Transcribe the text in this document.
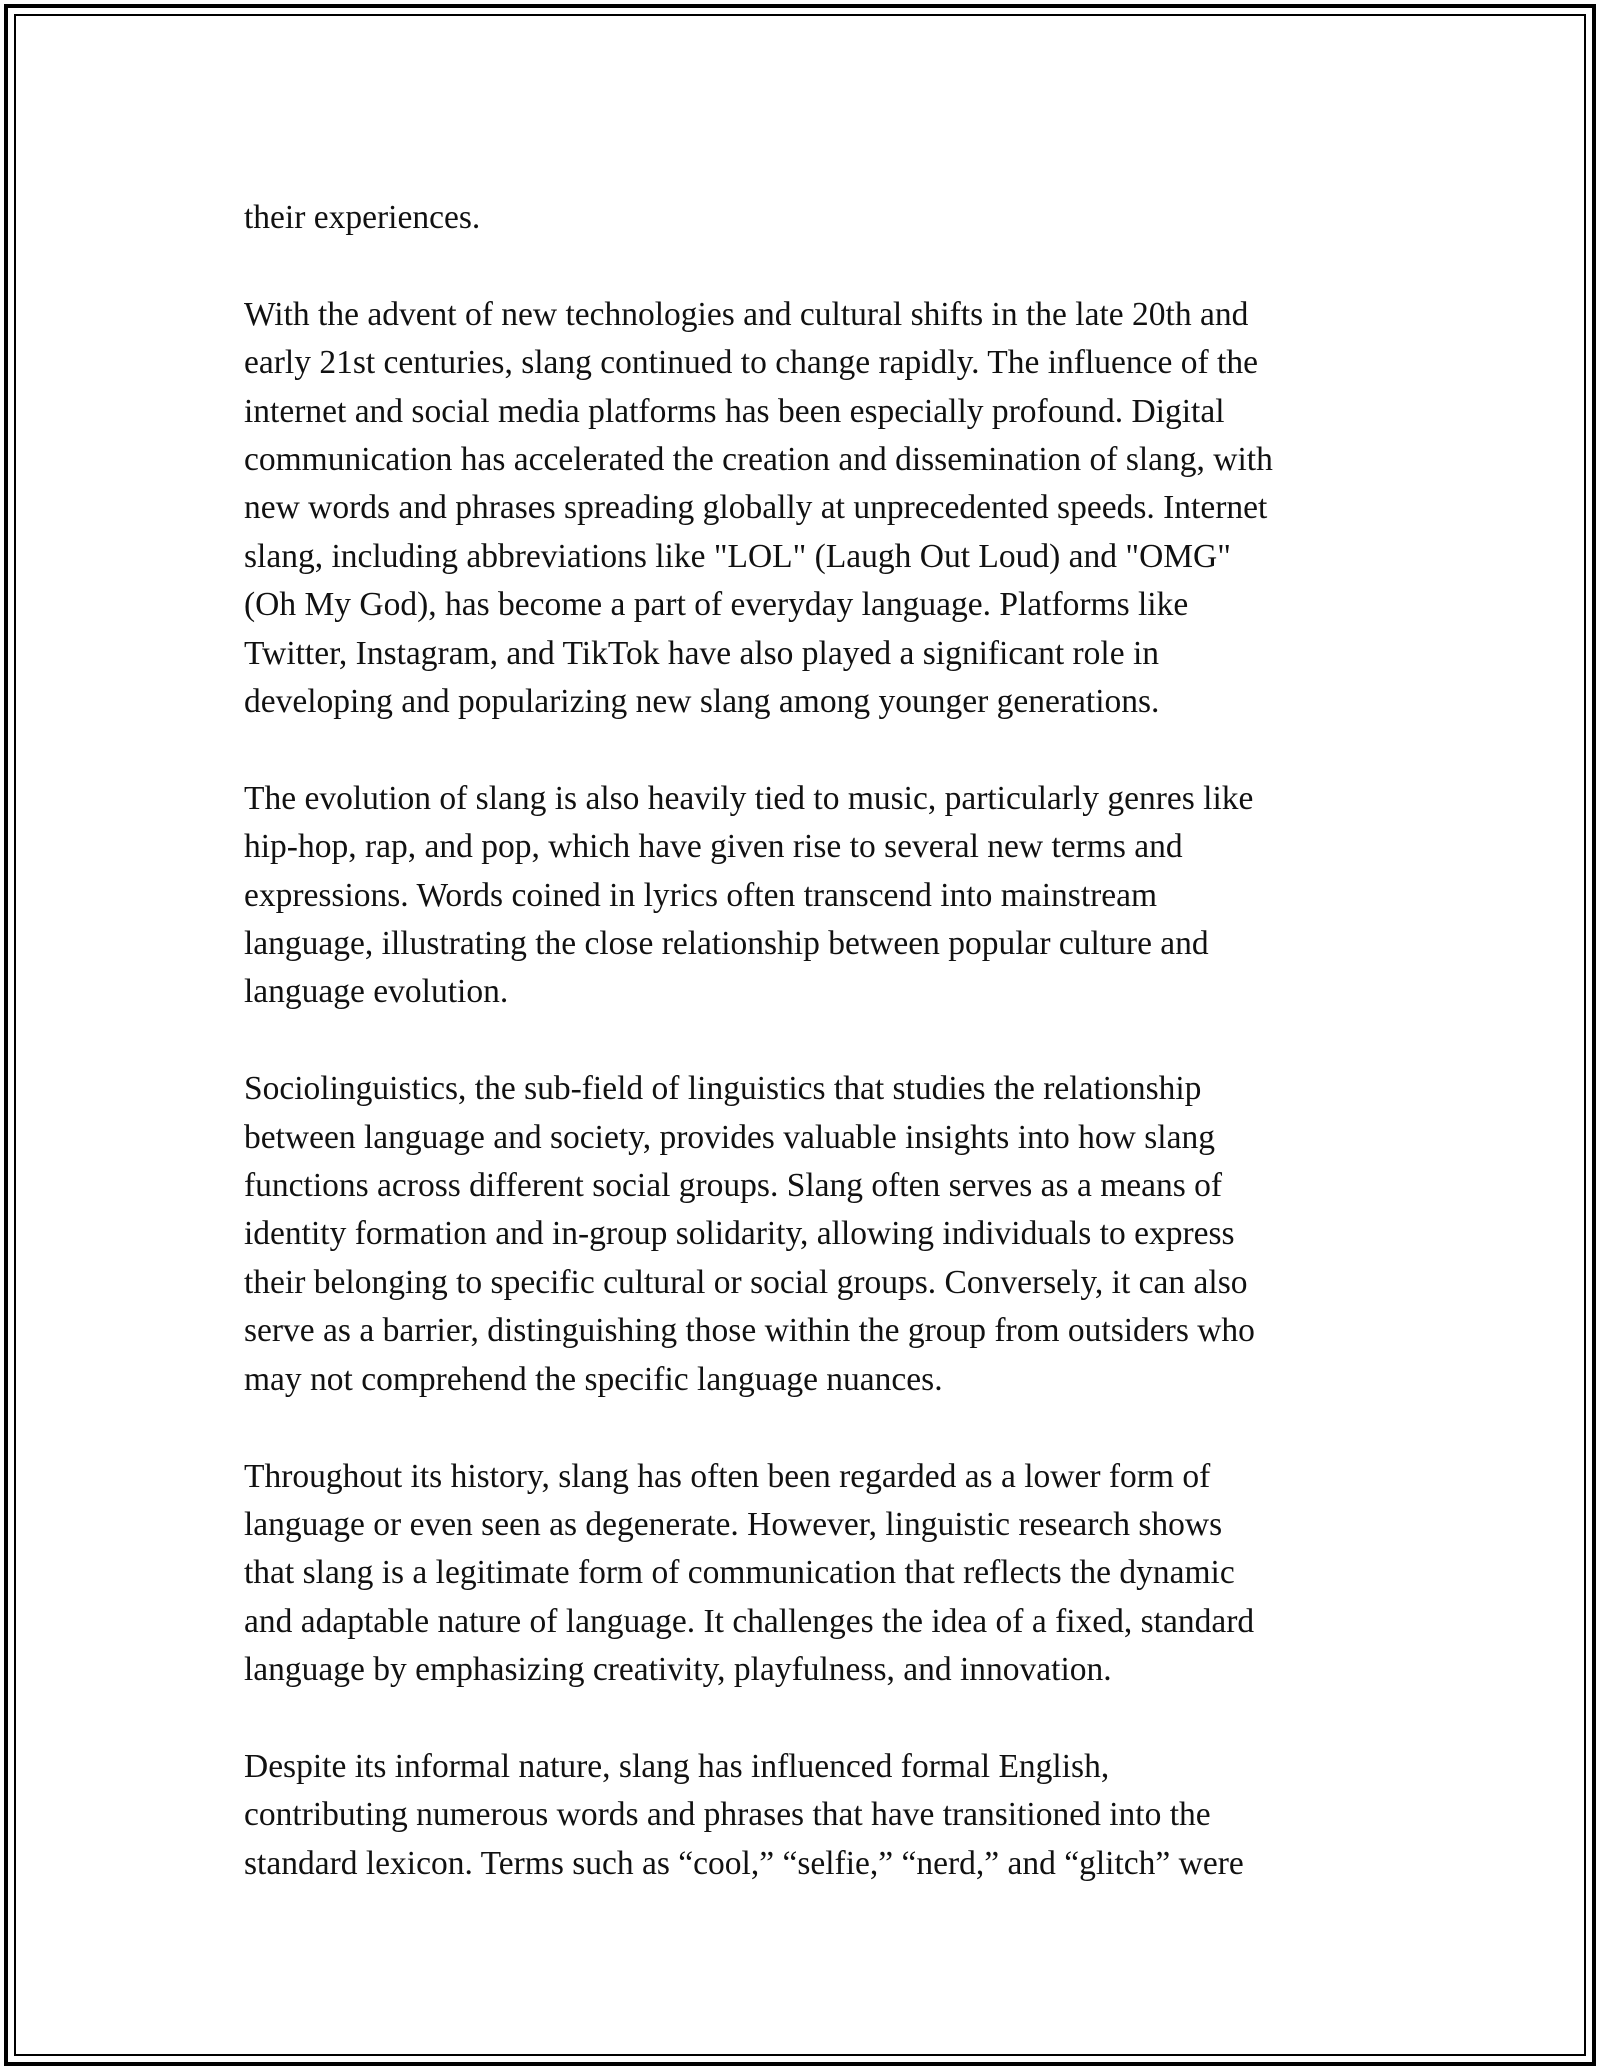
their experiences.

With the advent of new technologies and cultural shifts in the late 20th and
early 21st centuries, slang continued to change rapidly. The influence of the
internet and social media platforms has been especially profound. Digital
communication has accelerated the creation and dissemination of slang, with
new words and phrases spreading globally at unprecedented speeds. Internet
slang, including abbreviations like "LOL" (Laugh Out Loud) and "OMG"
(Oh My God), has become a part of everyday language. Platforms like
Twitter, Instagram, and TikTok have also played a significant role in
developing and popularizing new slang among younger generations.

The evolution of slang is also heavily tied to music, particularly genres like
hip-hop, rap, and pop, which have given rise to several new terms and
expressions. Words coined in lyrics often transcend into mainstream
language, illustrating the close relationship between popular culture and
language evolution.

Sociolinguistics, the sub-field of linguistics that studies the relationship
between language and society, provides valuable insights into how slang
functions across different social groups. Slang often serves as a means of
identity formation and in-group solidarity, allowing individuals to express
their belonging to specific cultural or social groups. Conversely, it can also
serve as a barrier, distinguishing those within the group from outsiders who
may not comprehend the specific language nuances.

Throughout its history, slang has often been regarded as a lower form of
language or even seen as degenerate. However, linguistic research shows
that slang is a legitimate form of communication that reflects the dynamic
and adaptable nature of language. It challenges the idea of a fixed, standard
language by emphasizing creativity, playfulness, and innovation.

Despite its informal nature, slang has influenced formal English,
contributing numerous words and phrases that have transitioned into the
standard lexicon. Terms such as “cool,” “selfie,” “nerd,” and “glitch” were
